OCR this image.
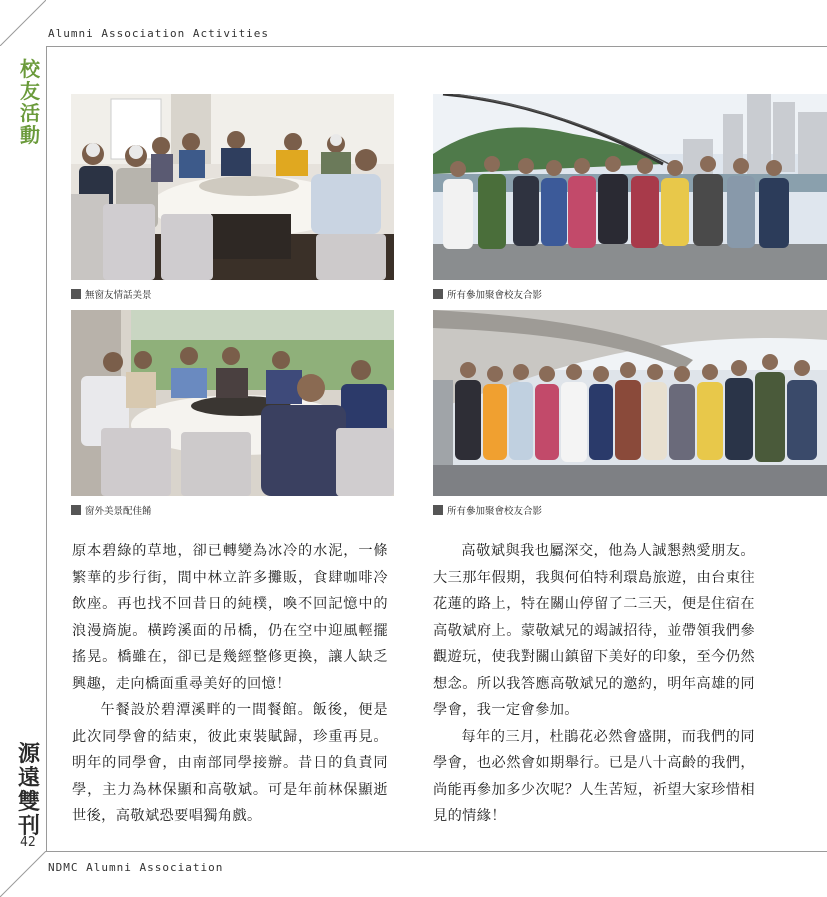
Alumni Association Activities
校友活動
源遠雙刊
42
NDMC Alumni Association
無窗友情話美景	所有參加聚會校友合影
窗外美景配佳餚	所有參加聚會校友合影

原本碧綠的草地，卻已轉變為冰冷的水泥，一條繁華的步行街，間中林立許多攤販，食肆咖啡冷飲座。再也找不回昔日的純樸，喚不回記憶中的浪漫旖旎。橫跨溪面的吊橋，仍在空中迎風輕擺搖晃。橋雖在，卻已是幾經整修更換，讓人缺乏興趣，走向橋面重尋美好的回憶！

午餐設於碧潭溪畔的一間餐館。飯後，便是此次同學會的結束，彼此束裝賦歸，珍重再見。明年的同學會，由南部同學接辦。昔日的負責同學，主力為林保顯和高敬斌。可是年前林保顯逝世後，高敬斌恐要唱獨角戲。

高敬斌與我也屬深交，他為人誠懇熱愛朋友。大三那年假期，我與何伯特利環島旅遊，由台東往花蓮的路上，特在關山停留了二三天，便是住宿在高敬斌府上。蒙敬斌兄的竭誠招待，並帶領我們參觀遊玩，使我對關山鎮留下美好的印象，至今仍然想念。所以我答應高敬斌兄的邀約，明年高雄的同學會，我一定會參加。

每年的三月，杜鵑花必然會盛開，而我們的同學會，也必然會如期舉行。已是八十高齡的我們，尚能再參加多少次呢？人生苦短，祈望大家珍惜相見的情緣！
